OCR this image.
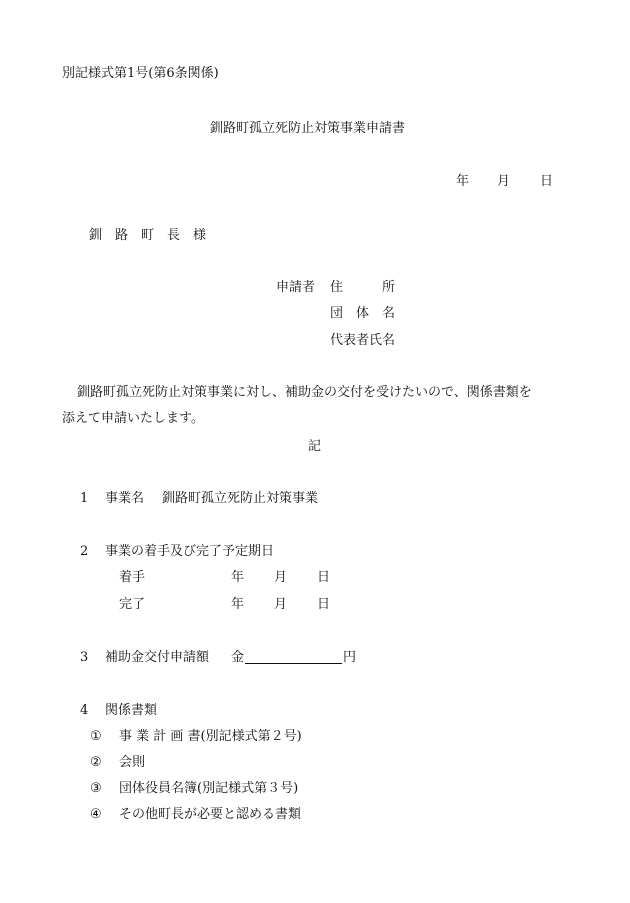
別記様式第1号(第6条関係)
釧路町孤立死防止対策事業申請書
年 月 日
釧　路　町　長　様
申請者 住　　　所
団　体　名
代表者氏名
釧路町孤立死防止対策事業に対し、補助金の交付を受けたいので、関係書類を
添えて申請いたします。
記
1 事業名 釧路町孤立死防止対策事業
2 事業の着手及び完了予定期日
着手	年 月 日
完了	年 月 日
3 補助金交付申請額 金	円
4 関係書類
① 事 業 計 画 書(別記様式第２号)
② 会則
③ 団体役員名簿(別記様式第３号)
④ その他町長が必要と認める書類
